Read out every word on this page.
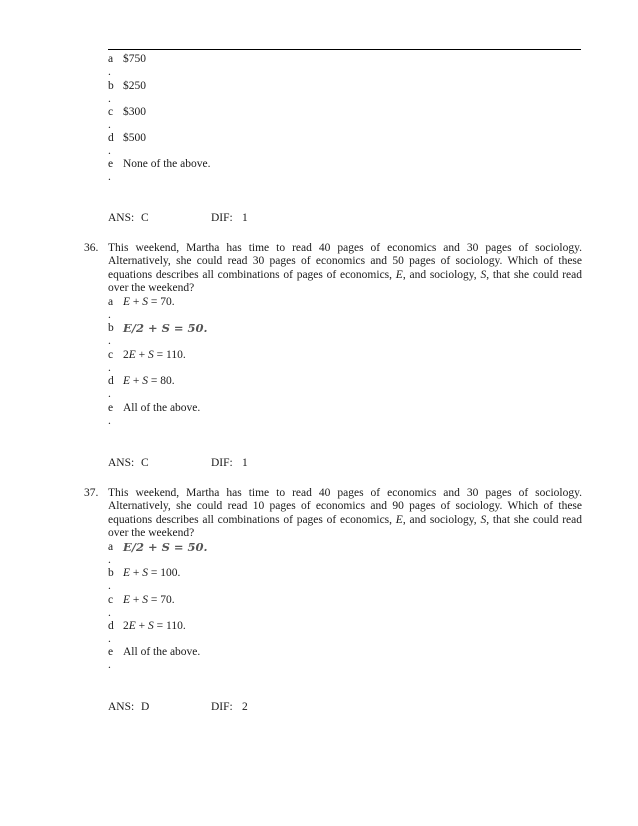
a $750
.
b $250
.
c $300
.
d $500
.
e None of the above.
.
ANS: C	DIF: 1
36. This weekend, Martha has time to read 40 pages of economics and 30 pages of sociology. Alternatively, she could read 30 pages of economics and 50 pages of sociology. Which of these equations describes all combinations of pages of economics, E, and sociology, S, that she could read over the weekend?
a E + S = 70.
.
b E/2 + S = 50.
.
c 2E + S = 110.
.
d E + S = 80.
.
e All of the above.
.
ANS: C	DIF: 1
37. This weekend, Martha has time to read 40 pages of economics and 30 pages of sociology. Alternatively, she could read 10 pages of economics and 90 pages of sociology. Which of these equations describes all combinations of pages of economics, E, and sociology, S, that she could read over the weekend?
a E/2 + S = 50.
.
b E + S = 100.
.
c E + S = 70.
.
d 2E + S = 110.
.
e All of the above.
.
ANS: D	DIF: 2
